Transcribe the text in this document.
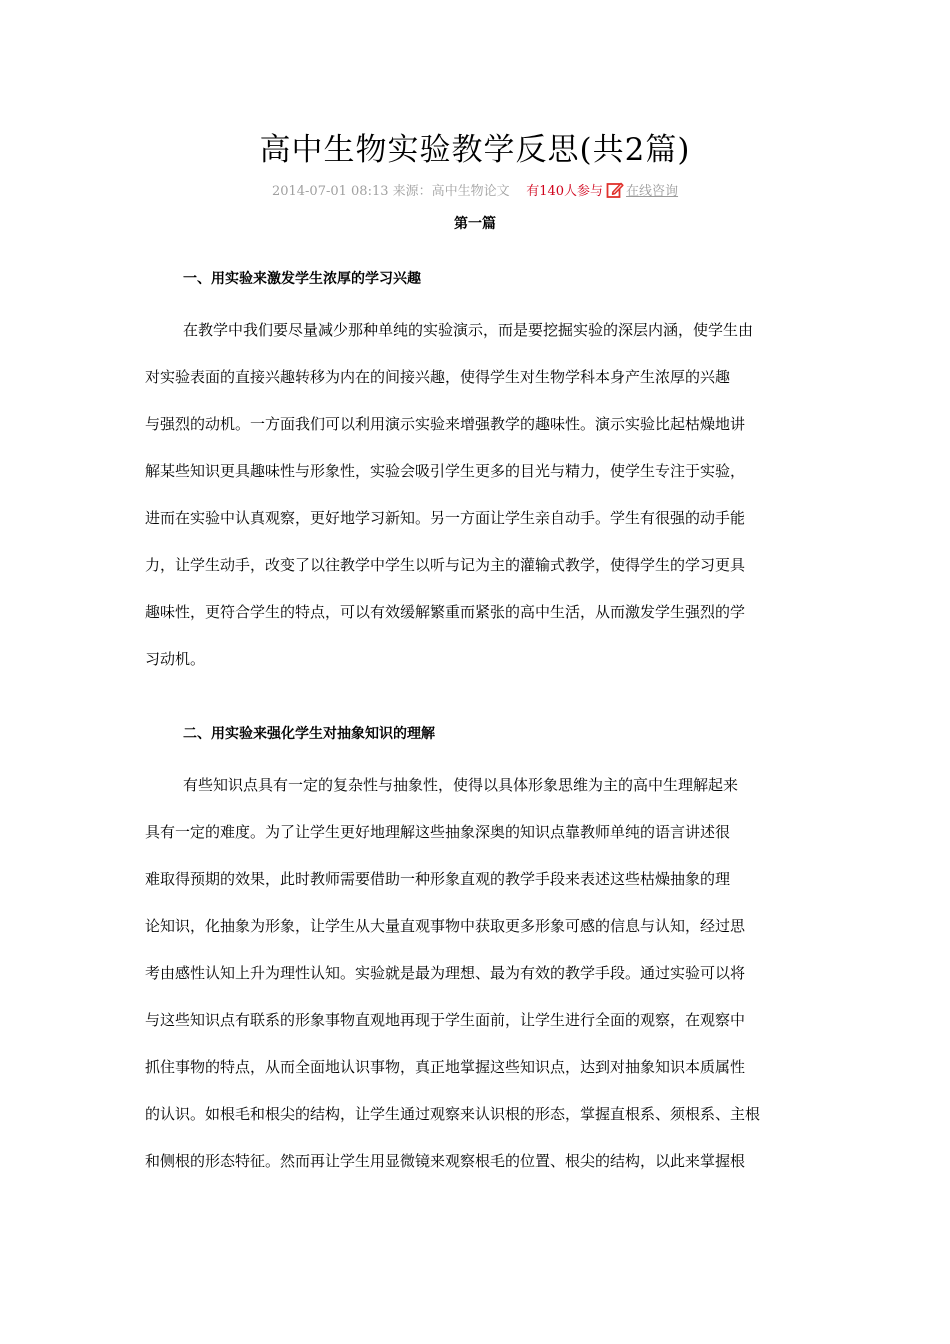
高中生物实验教学反思(共2篇)
2014-07-01 08:13 来源：高中生物论文 有140人参与 在线咨询
第一篇
一、用实验来激发学生浓厚的学习兴趣
在教学中我们要尽量减少那种单纯的实验演示，而是要挖掘实验的深层内涵，使学生由
对实验表面的直接兴趣转移为内在的间接兴趣，使得学生对生物学科本身产生浓厚的兴趣
与强烈的动机。一方面我们可以利用演示实验来增强教学的趣味性。演示实验比起枯燥地讲
解某些知识更具趣味性与形象性，实验会吸引学生更多的目光与精力，使学生专注于实验，
进而在实验中认真观察，更好地学习新知。另一方面让学生亲自动手。学生有很强的动手能
力，让学生动手，改变了以往教学中学生以听与记为主的灌输式教学，使得学生的学习更具
趣味性，更符合学生的特点，可以有效缓解繁重而紧张的高中生活，从而激发学生强烈的学
习动机。
二、用实验来强化学生对抽象知识的理解
有些知识点具有一定的复杂性与抽象性，使得以具体形象思维为主的高中生理解起来
具有一定的难度。为了让学生更好地理解这些抽象深奥的知识点靠教师单纯的语言讲述很
难取得预期的效果，此时教师需要借助一种形象直观的教学手段来表述这些枯燥抽象的理
论知识，化抽象为形象，让学生从大量直观事物中获取更多形象可感的信息与认知，经过思
考由感性认知上升为理性认知。实验就是最为理想、最为有效的教学手段。通过实验可以将
与这些知识点有联系的形象事物直观地再现于学生面前，让学生进行全面的观察，在观察中
抓住事物的特点，从而全面地认识事物，真正地掌握这些知识点，达到对抽象知识本质属性
的认识。如根毛和根尖的结构，让学生通过观察来认识根的形态，掌握直根系、须根系、主根
和侧根的形态特征。然而再让学生用显微镜来观察根毛的位置、根尖的结构，以此来掌握根
